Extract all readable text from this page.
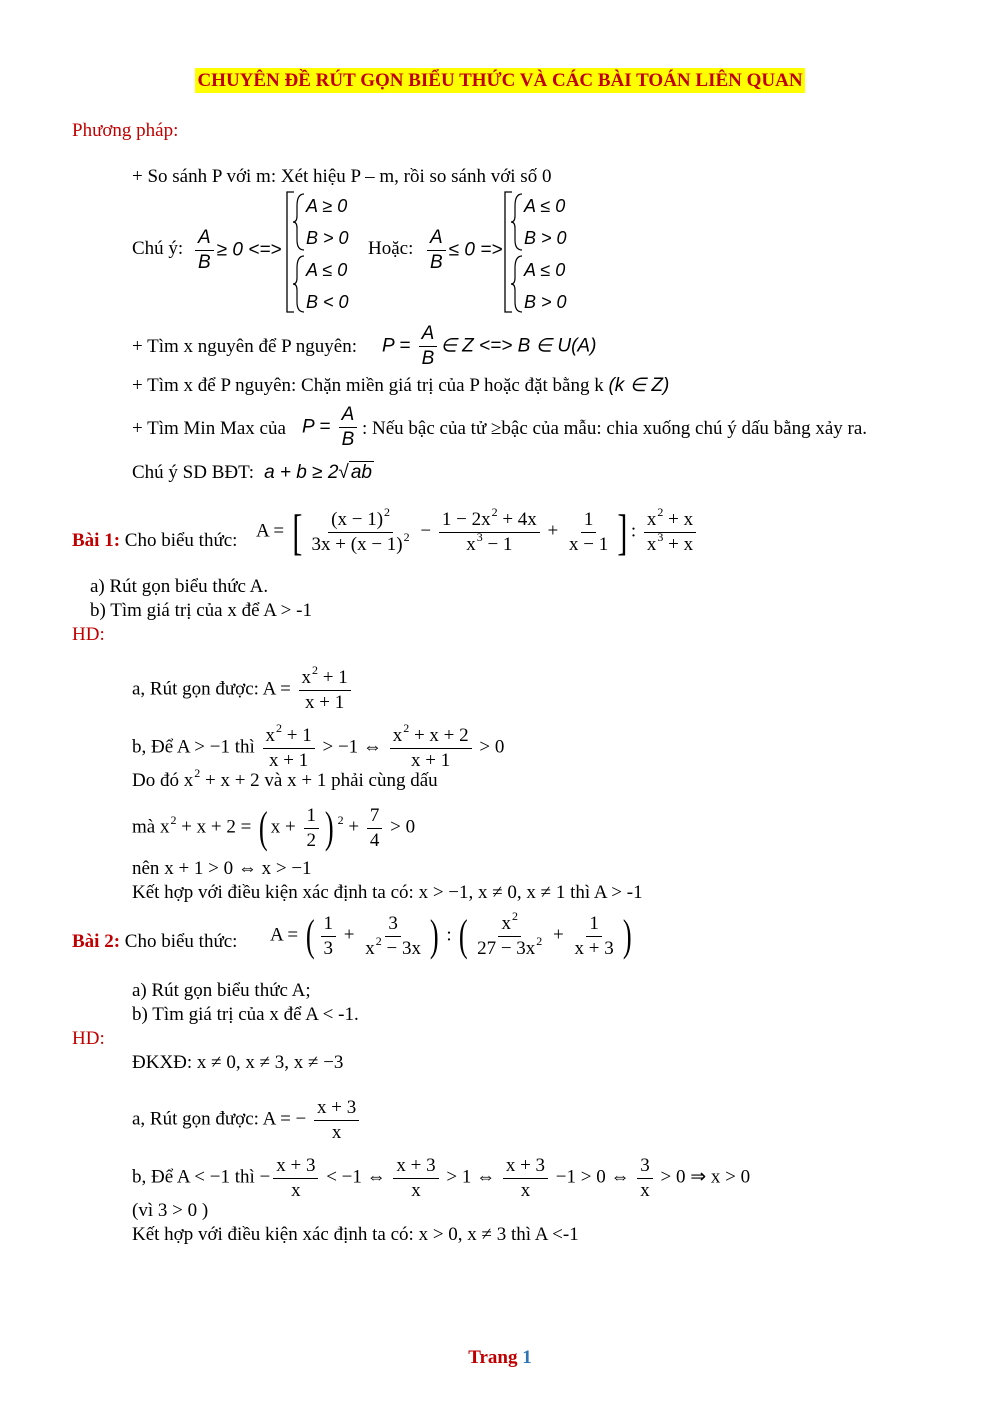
CHUYÊN ĐỀ RÚT GỌN BIỂU THỨC VÀ CÁC BÀI TOÁN LIÊN QUAN
Phương pháp:
+ So sánh P với m: Xét hiệu P – m, rồi so sánh với số 0
Chú ý: $\frac{A}{B} \ge 0$ <=>
A ≥ 0
B > 0
A ≤ 0
B < 0
Hoặc: $\frac{A}{B} \le 0$ =>
A ≤ 0
B > 0
A ≤ 0
B > 0
+ Tìm x nguyên để P nguyên: $P = \frac{A}{B}$ ∈ Z <=> B ∈ U(A)
+ Tìm x để P nguyên: Chặn miền giá trị của P hoặc đặt bằng k (k ∈ Z)
+ Tìm Min Max của $P = \frac{A}{B}$ : Nếu bậc của tử ≥bậc của mẫu: chia xuống chú ý dấu bằng xảy ra.
Chú ý SD BĐT:  a + b ≥ 2√ ab
Bài 1: Cho biểu thức: A = [ $\frac{(x - 1)^2}{3x + (x - 1)^2} - \frac{1 - 2x^2 + 4x}{x^3 - 1} + \frac{1}{x - 1}$ ] : $\frac{x^2 + x}{x^3 + x}$
a) Rút gọn biểu thức A.
b) Tìm giá trị của x để A > -1
HD:
a, Rút gọn được: $A = \frac{x^2 + 1}{x + 1}$
b, Để A > −1 thì $\frac{x^2 + 1}{x + 1} > -1$ ⇔ $\frac{x^2 + x + 2}{x + 1} > 0$
Do đó $x^2 + x + 2$ và x + 1 phải cùng dấu
mà $x^2 + x + 2$ = ( $x + \frac{1}{2}$ ) $^2 + \frac{7}{4} > 0$
nên x + 1 > 0 ⇔ x > −1
Kết hợp với điều kiện xác định ta có: x > −1, x ≠ 0, x ≠ 1 thì A > -1
Bài 2: Cho biểu thức: A = ( $\frac{1}{3} + \frac{3}{x^2 - 3x}$ ) : ( $\frac{x^2}{27 - 3x^2} + \frac{1}{x + 3}$ )
a) Rút gọn biểu thức A;
b) Tìm giá trị của x để A < -1.
HD:
ĐKXĐ: x ≠ 0, x ≠ 3, x ≠ −3
a, Rút gọn được: A = − $\frac{x + 3}{x}$
b, Để A < −1 thì − $\frac{x + 3}{x} < -1$ ⇔ $\frac{x + 3}{x} > 1$ ⇔ $\frac{x + 3}{x} -1 > 0$ ⇔ $\frac{3}{x} > 0$ ⇒ x > 0
(vì 3 > 0 )
Kết hợp với điều kiện xác định ta có: x > 0, x ≠ 3 thì A <-1
Trang 1
